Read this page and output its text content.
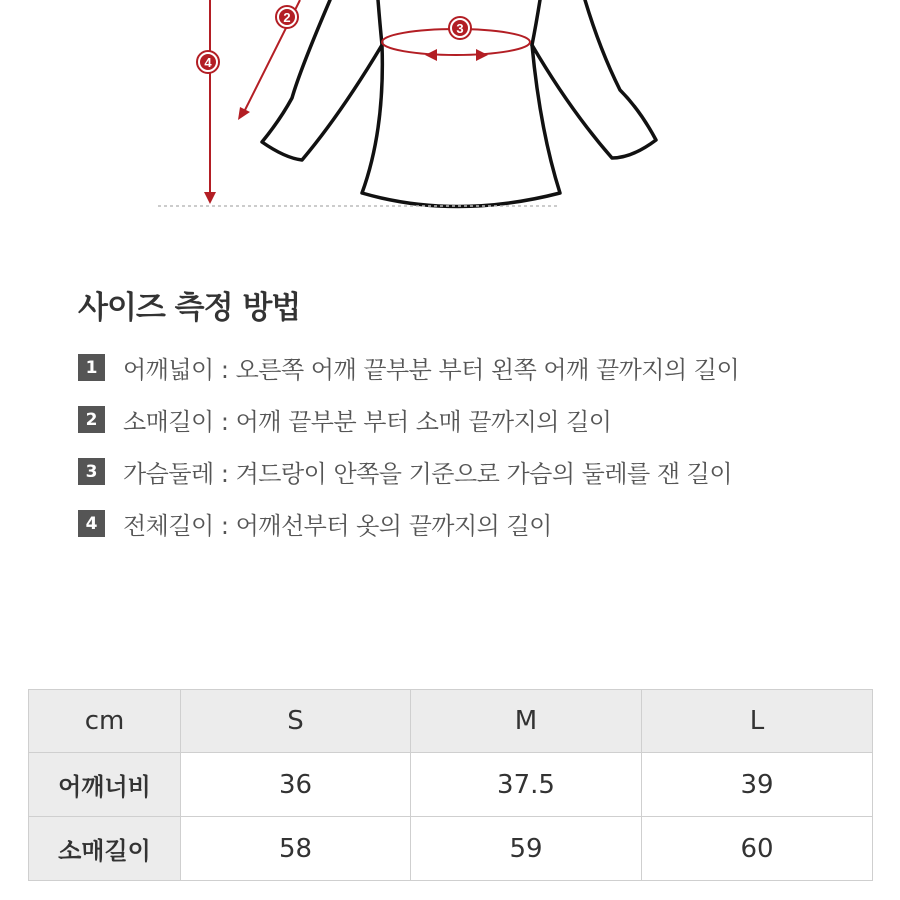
2
3
4
사이즈 측정 방법
1	어깨넓이 : 오른쪽 어깨 끝부분 부터 왼쪽 어깨 끝까지의 길이
2	소매길이 : 어깨 끝부분 부터 소매 끝까지의 길이
3	가슴둘레 : 겨드랑이 안쪽을 기준으로 가슴의 둘레를 잰 길이
4	전체길이 : 어깨선부터 옷의 끝까지의 길이
cm	S	M	L
어깨너비	36	37.5	39
소매길이	58	59	60
